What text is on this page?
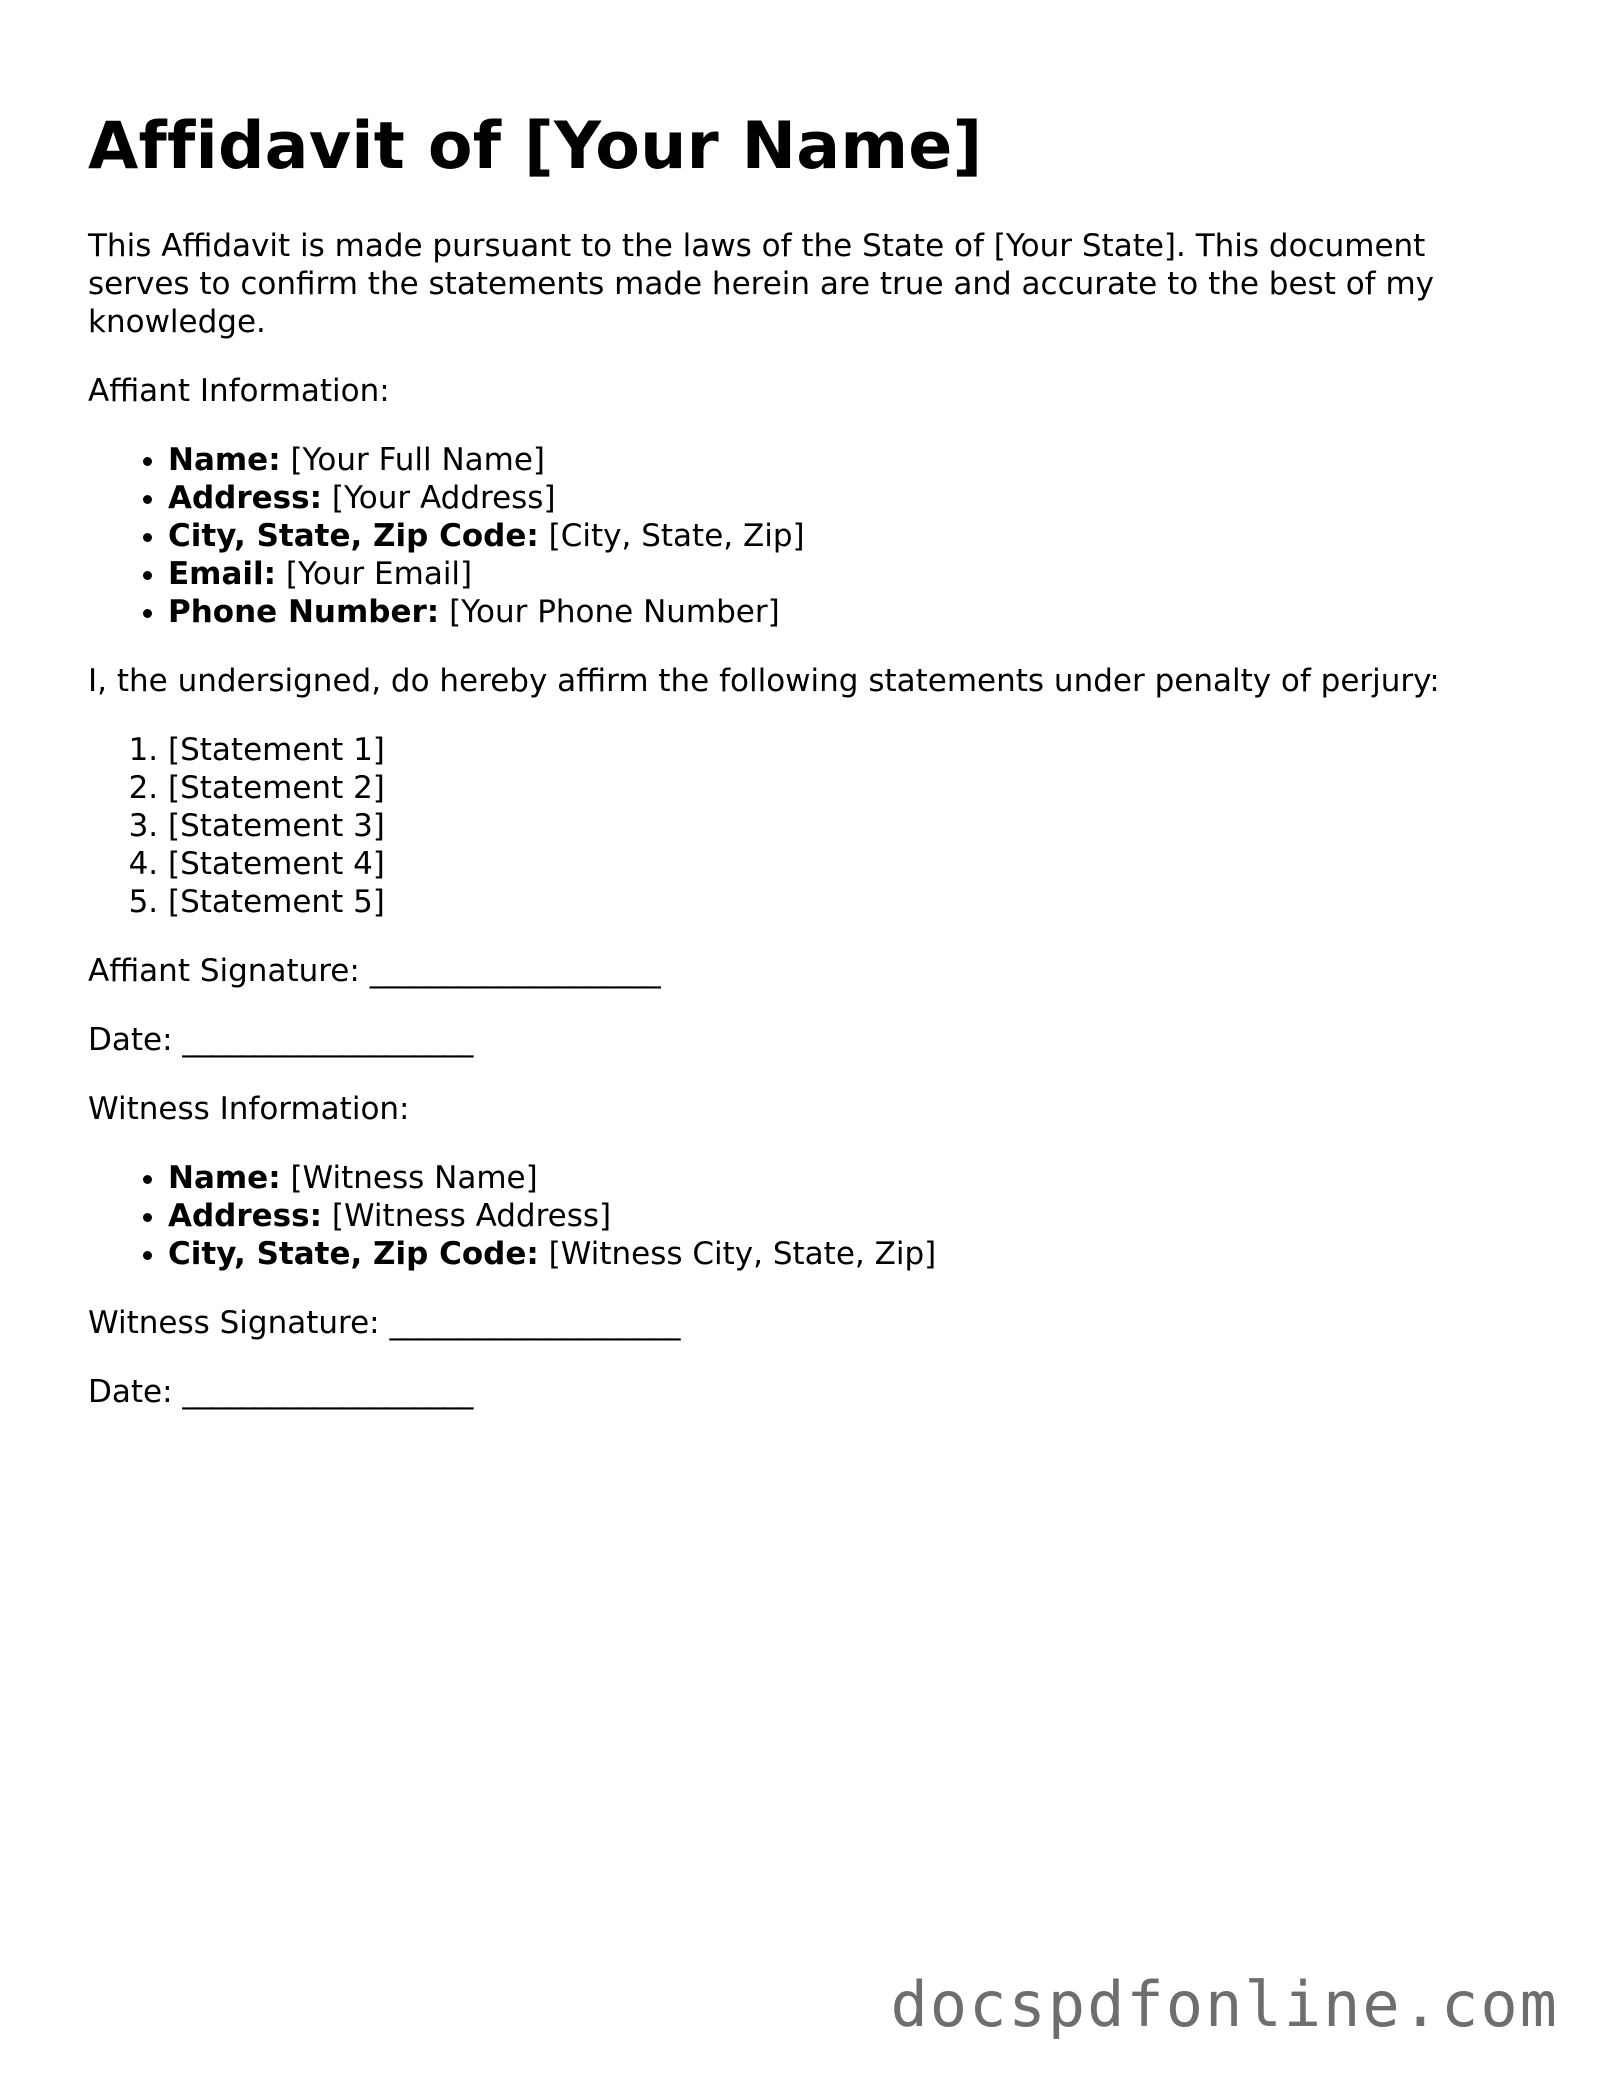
Affidavit of [Your Name]

This Affidavit is made pursuant to the laws of the State of [Your State]. This document serves to confirm the statements made herein are true and accurate to the best of my knowledge.

Affiant Information:

• Name: [Your Full Name]
• Address: [Your Address]
• City, State, Zip Code: [City, State, Zip]
• Email: [Your Email]
• Phone Number: [Your Phone Number]

I, the undersigned, do hereby affirm the following statements under penalty of perjury:

1. [Statement 1]
2. [Statement 2]
3. [Statement 3]
4. [Statement 4]
5. [Statement 5]

Affiant Signature: ____________________

Date: ____________________

Witness Information:

• Name: [Witness Name]
• Address: [Witness Address]
• City, State, Zip Code: [Witness City, State, Zip]

Witness Signature: ____________________

Date: ____________________

docspdfonline.com
